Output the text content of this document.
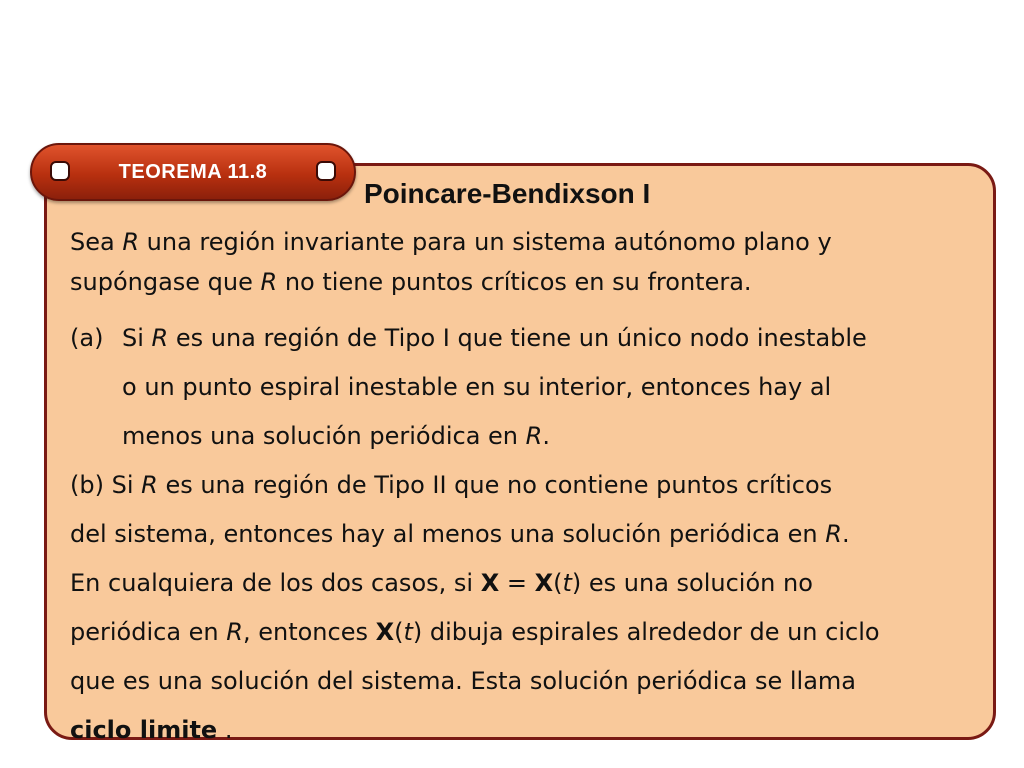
TEOREMA 11.8
Poincare-Bendixson I

Sea R una región invariante para un sistema autónomo plano y
supóngase que R no tiene puntos críticos en su frontera.

(a) Si R es una región de Tipo I que tiene un único nodo inestable
o un punto espiral inestable en su interior, entonces hay al
menos una solución periódica en R.
(b) Si R es una región de Tipo II que no contiene puntos críticos
del sistema, entonces hay al menos una solución periódica en R.
En cualquiera de los dos casos, si X = X(t) es una solución no
periódica en R, entonces X(t) dibuja espirales alrededor de un ciclo
que es una solución del sistema. Esta solución periódica se llama
ciclo limite .
